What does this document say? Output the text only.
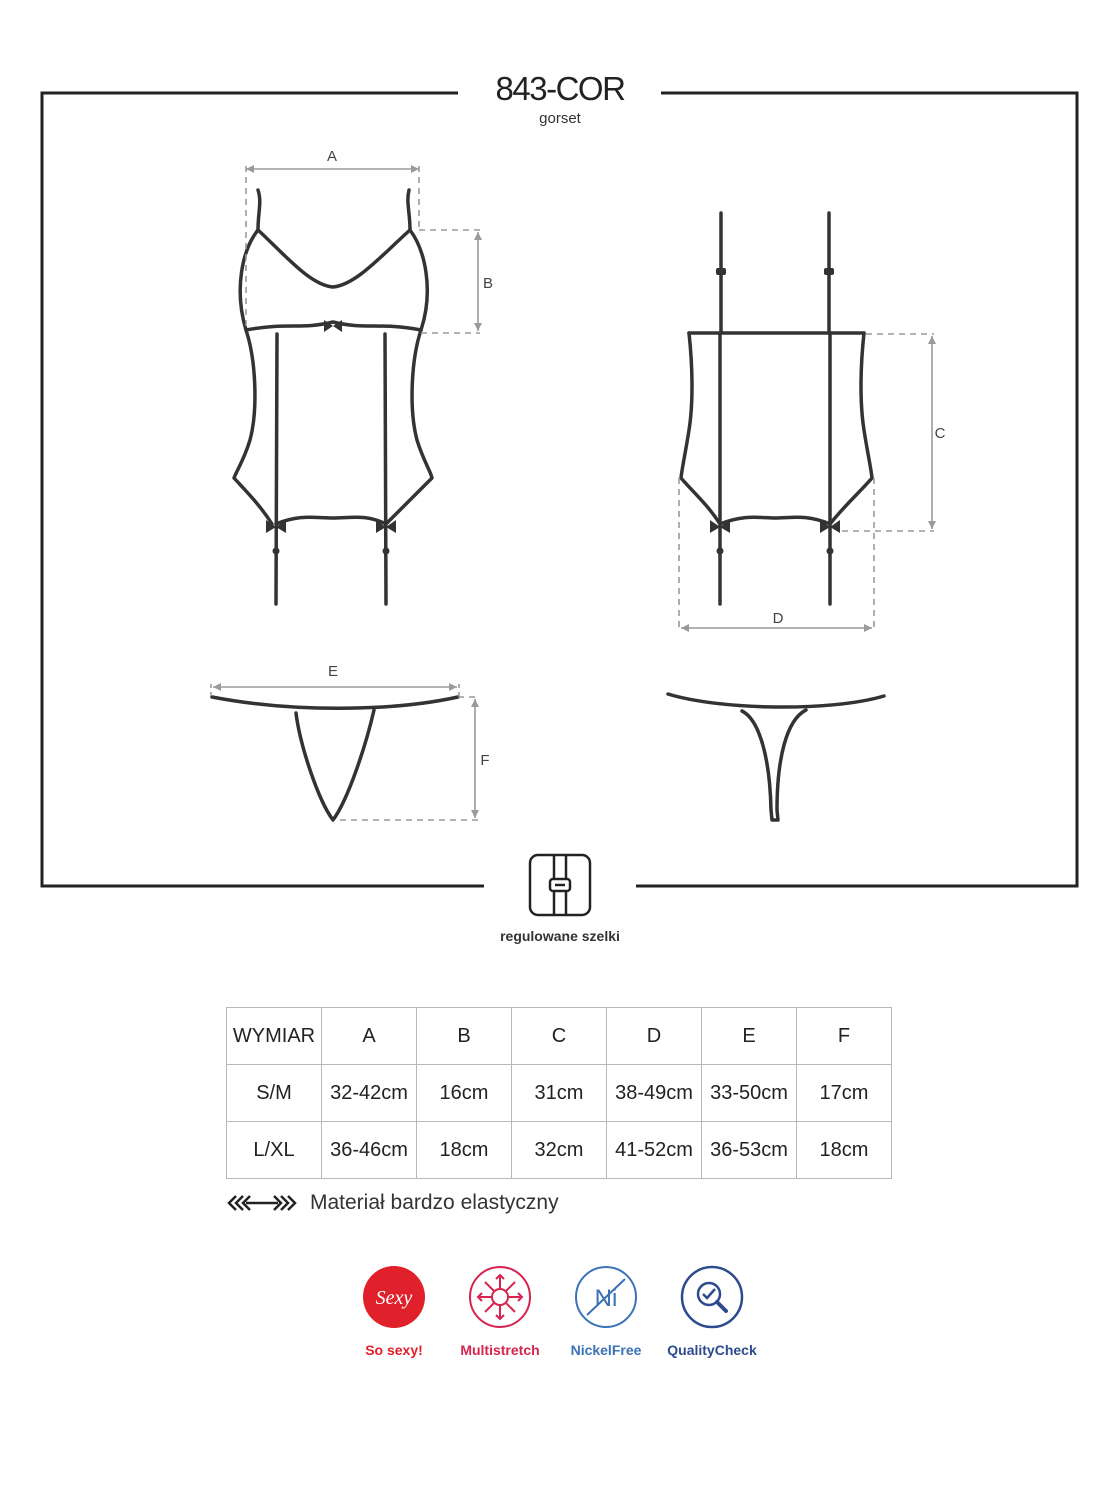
A
B
C
D
E
F
843-COR
gorset
regulowane szelki
WYMIAR	A	B	C	D	E	F
S/M	32-42cm	16cm	31cm	38-49cm	33-50cm	17cm
L/XL	36-46cm	18cm	32cm	41-52cm	36-53cm	18cm
Materiał bardzo elastyczny
Sexy
So sexy!	Multistretch
Ni
NickelFree	QualityCheck
